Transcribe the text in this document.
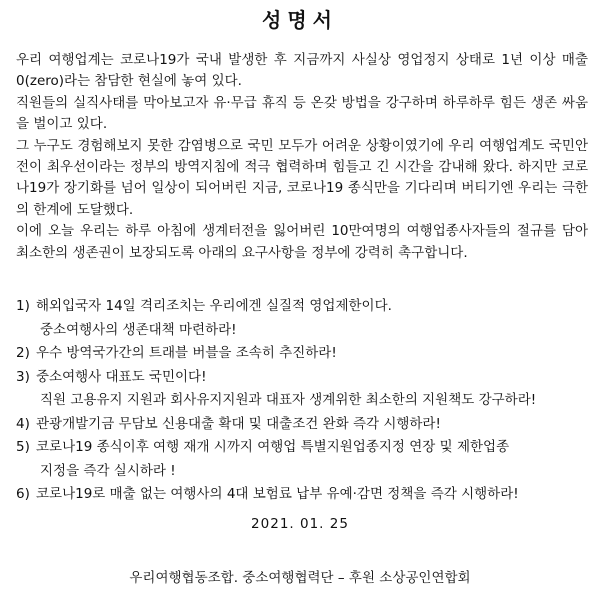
성명서

우리 여행업계는 코로나19가 국내 발생한 후 지금까지 사실상 영업정지 상태로 1년 이상 매출 0(zero)라는 참담한 현실에 놓여 있다.

직원들의 실직사태를 막아보고자 유·무급 휴직 등 온갖 방법을 강구하며 하루하루 힘든 생존 싸움을 벌이고 있다.

그 누구도 경험해보지 못한 감염병으로 국민 모두가 어려운 상황이였기에 우리 여행업계도 국민안전이 최우선이라는 정부의 방역지침에 적극 협력하며 힘들고 긴 시간을 감내해 왔다. 하지만 코로나19가 장기화를 넘어 일상이 되어버린 지금, 코로나19 종식만을 기다리며 버티기엔 우리는 극한의 한계에 도달했다.

이에 오늘 우리는 하루 아침에 생계터전을 잃어버린 10만여명의 여행업종사자들의 절규를 담아 최소한의 생존권이 보장되도록 아래의 요구사항을 정부에 강력히 촉구합니다.

1) 해외입국자 14일 격리조치는 우리에겐 실질적 영업제한이다.
중소여행사의 생존대책 마련하라!
2) 우수 방역국가간의 트래블 버블을 조속히 추진하라!
3) 중소여행사 대표도 국민이다!
직원 고용유지 지원과 회사유지지원과 대표자 생계위한 최소한의 지원책도 강구하라!
4) 관광개발기금 무담보 신용대출 확대 및 대출조건 완화 즉각 시행하라!
5) 코로나19 종식이후 여행 재개 시까지 여행업 특별지원업종지정 연장 및 제한업종
지정을 즉각 실시하라 !
6) 코로나19로 매출 없는 여행사의 4대 보험료 납부 유예·감면 정책을 즉각 시행하라!
2021. 01. 25
우리여행협동조합. 중소여행협력단 – 후원 소상공인연합회
